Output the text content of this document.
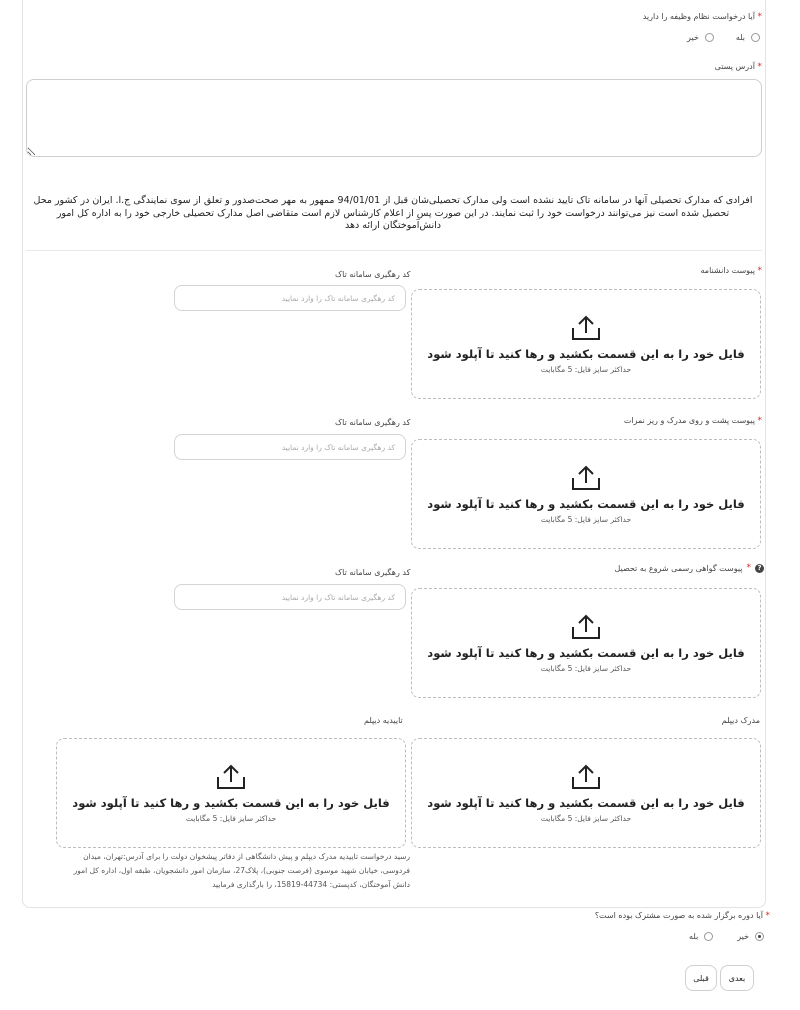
* آیا درخواست نظام وظیفه را دارید
بله
خیر
* آدرس پستی
افرادی که مدارک تحصیلی آنها در سامانه تاک تایید نشده است ولی مدارک تحصیلی‌شان قبل از 94/01/01 ممهور به مهر صحت‌صدور و تعلق از سوی نمایندگی ج.ا. ایران در کشور محل تحصیل شده است نیز می‌توانند درخواست خود را ثبت نمایند. در این صورت پس از اعلام کارشناس لازم است متقاضی اصل مدارک تحصیلی خارجی خود را به اداره کل امور دانش‌آموختگان ارائه دهد
* پیوست دانشنامه
کد رهگیری سامانه تاک
کد رهگیری سامانه تاک را وارد نمایید
فایل خود را به این قسمت بکشید و رها کنید تا آپلود شود
حداکثر سایز فایل: 5 مگابایت
* پیوست پشت و روی مدرک و ریز نمرات
کد رهگیری سامانه تاک
کد رهگیری سامانه تاک را وارد نمایید
فایل خود را به این قسمت بکشید و رها کنید تا آپلود شود
حداکثر سایز فایل: 5 مگابایت
?
*
پیوست گواهی رسمی شروع به تحصیل
کد رهگیری سامانه تاک
کد رهگیری سامانه تاک را وارد نمایید
فایل خود را به این قسمت بکشید و رها کنید تا آپلود شود
حداکثر سایز فایل: 5 مگابایت
مدرک دیپلم
تاییدیه دیپلم
فایل خود را به این قسمت بکشید و رها کنید تا آپلود شود
حداکثر سایز فایل: 5 مگابایت
فایل خود را به این قسمت بکشید و رها کنید تا آپلود شود
حداکثر سایز فایل: 5 مگابایت
رسید درخواست تاییدیه مدرک دیپلم و پیش دانشگاهی از دفاتر پیشخوان دولت را برای آدرس:تهران، میدان فردوسی، خیابان شهید موسوی (فرصت جنوبی)، پلاک27، سازمان امور دانشجویان، طبقه اول، اداره کل امور دانش آموختگان، کدپستی: 44734-15819، را بارگذاری فرمایید
* آیا دوره برگزار شده به صورت مشترک بوده است؟
خیر
بله
بعدی
قبلی
